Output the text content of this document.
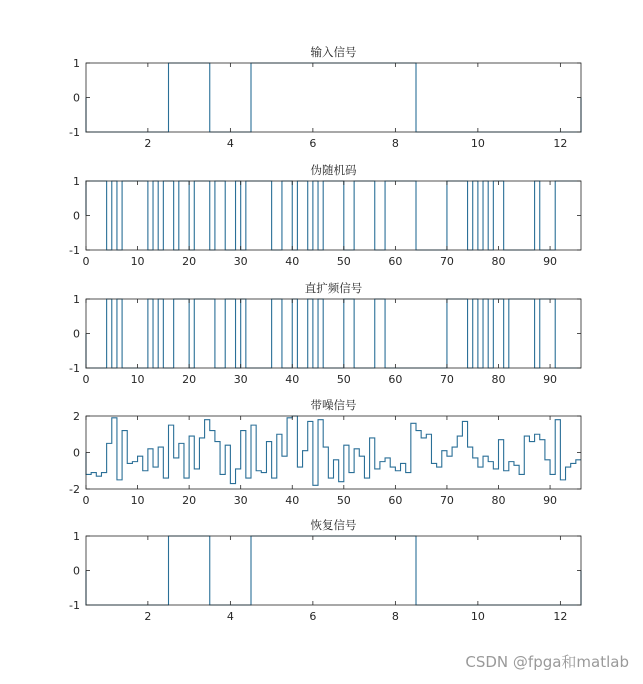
2	4	6	8	10	12
-1
0
1
输入信号
0	10	20	30	40	50	60	70	80	90
-1
0
1
伪随机码
0	10	20	30	40	50	60	70	80	90
-1
0
1
直扩频信号
0	10	20	30	40	50	60	70	80	90
-2
0
2
带噪信号
2	4	6	8	10	12
-1
0
1
恢复信号
CSDN @fpga和matlab
